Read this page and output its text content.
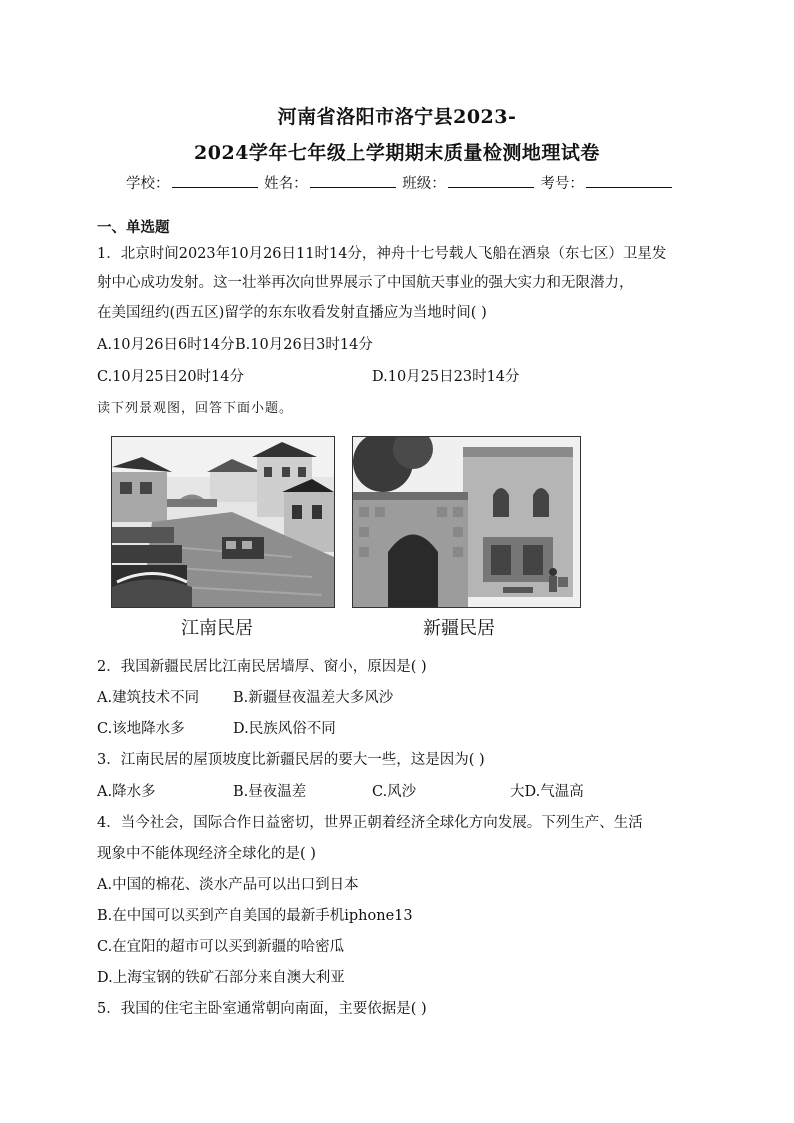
河南省洛阳市洛宁县2023-
2024学年七年级上学期期末质量检测地理试卷
学校：	姓名：	班级：	考号：
一、单选题
1．北京时间2023年10月26日11时14分，神舟十七号载人飞船在酒泉（东七区）卫星发
射中心成功发射。这一壮举再次向世界展示了中国航天事业的强大实力和无限潜力，
在美国纽约(西五区)留学的东东收看发射直播应为当地时间( )
A.10月26日6时14分 B.10月26日3时14分
C.10月25日20时14分	D.10月25日23时14分
读下列景观图，回答下面小题。
江南民居	新疆民居
2．我国新疆民居比江南民居墙厚、窗小，原因是( )
A.建筑技术不同 B.新疆昼夜温差大多风沙
C.该地降水多	D.民族风俗不同
3．江南民居的屋顶坡度比新疆民居的要大一些，这是因为( )
A.降水多	B.昼夜温差	C.风沙	大D.气温高
4．当今社会，国际合作日益密切，世界正朝着经济全球化方向发展。下列生产、生活
现象中不能体现经济全球化的是( )
A.中国的棉花、淡水产品可以出口到日本
B.在中国可以买到产自美国的最新手机iphone13
C.在宜阳的超市可以买到新疆的哈密瓜
D.上海宝钢的铁矿石部分来自澳大利亚
5．我国的住宅主卧室通常朝向南面，主要依据是( )
